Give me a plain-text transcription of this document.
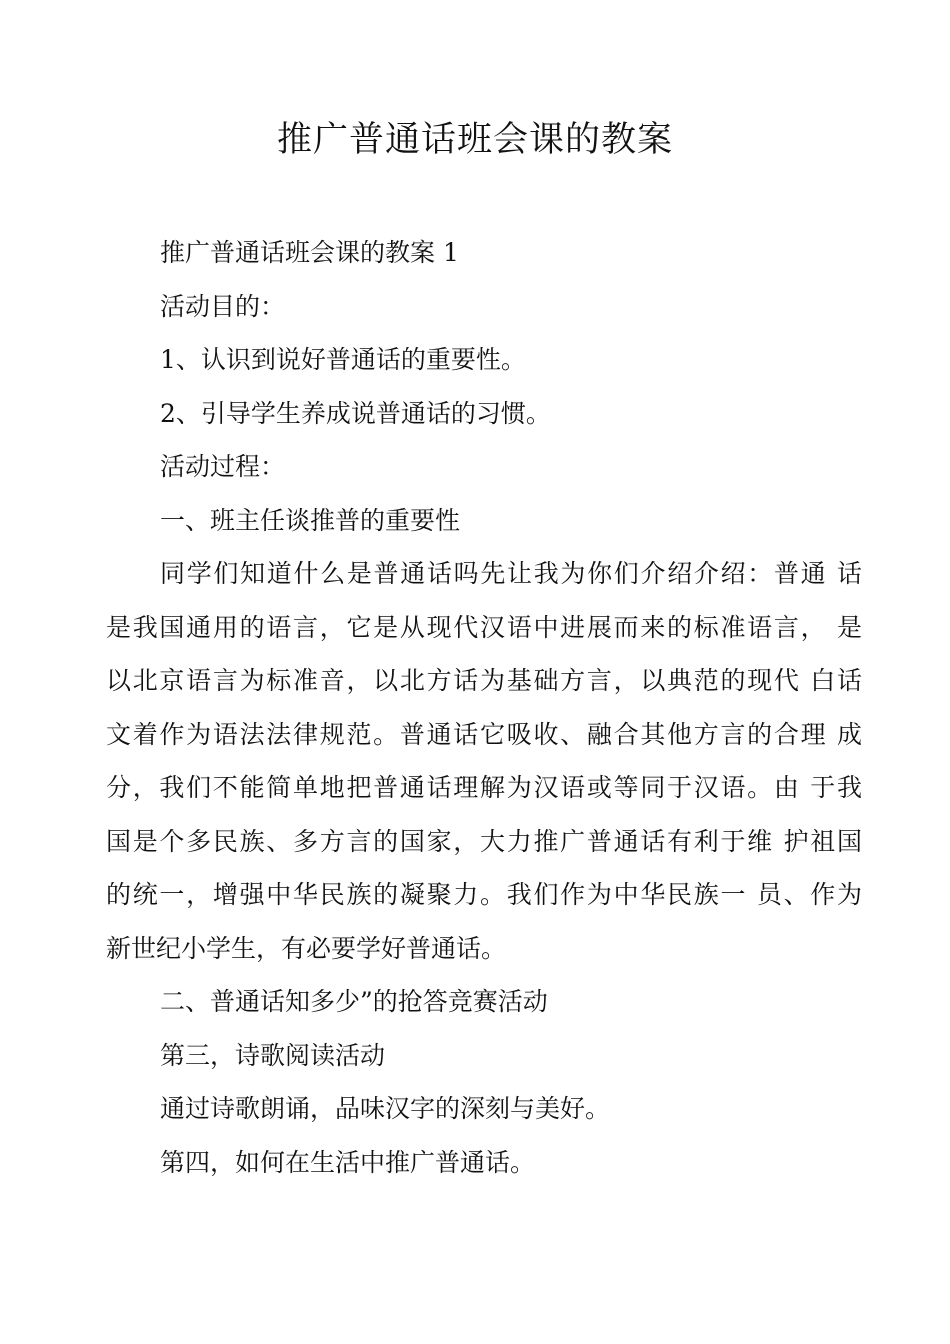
推广普通话班会课的教案

推广普通话班会课的教案 1

活动目的：

1、认识到说好普通话的重要性。

2、引导学生养成说普通话的习惯。

活动过程：

一、班主任谈推普的重要性

同学们知道什么是普通话吗先让我为你们介绍介绍：普通 话

是我国通用的语言，它是从现代汉语中进展而来的标准语言， 是

以北京语言为标准音，以北方话为基础方言，以典范的现代 白话

文着作为语法法律规范。普通话它吸收、融合其他方言的合理 成

分，我们不能简单地把普通话理解为汉语或等同于汉语。由 于我

国是个多民族、多方言的国家，大力推广普通话有利于维 护祖国

的统一，增强中华民族的凝聚力。我们作为中华民族一 员、作为

新世纪小学生，有必要学好普通话。

二、普通话知多少”的抢答竞赛活动

第三，诗歌阅读活动

通过诗歌朗诵，品味汉字的深刻与美好。

第四，如何在生活中推广普通话。
